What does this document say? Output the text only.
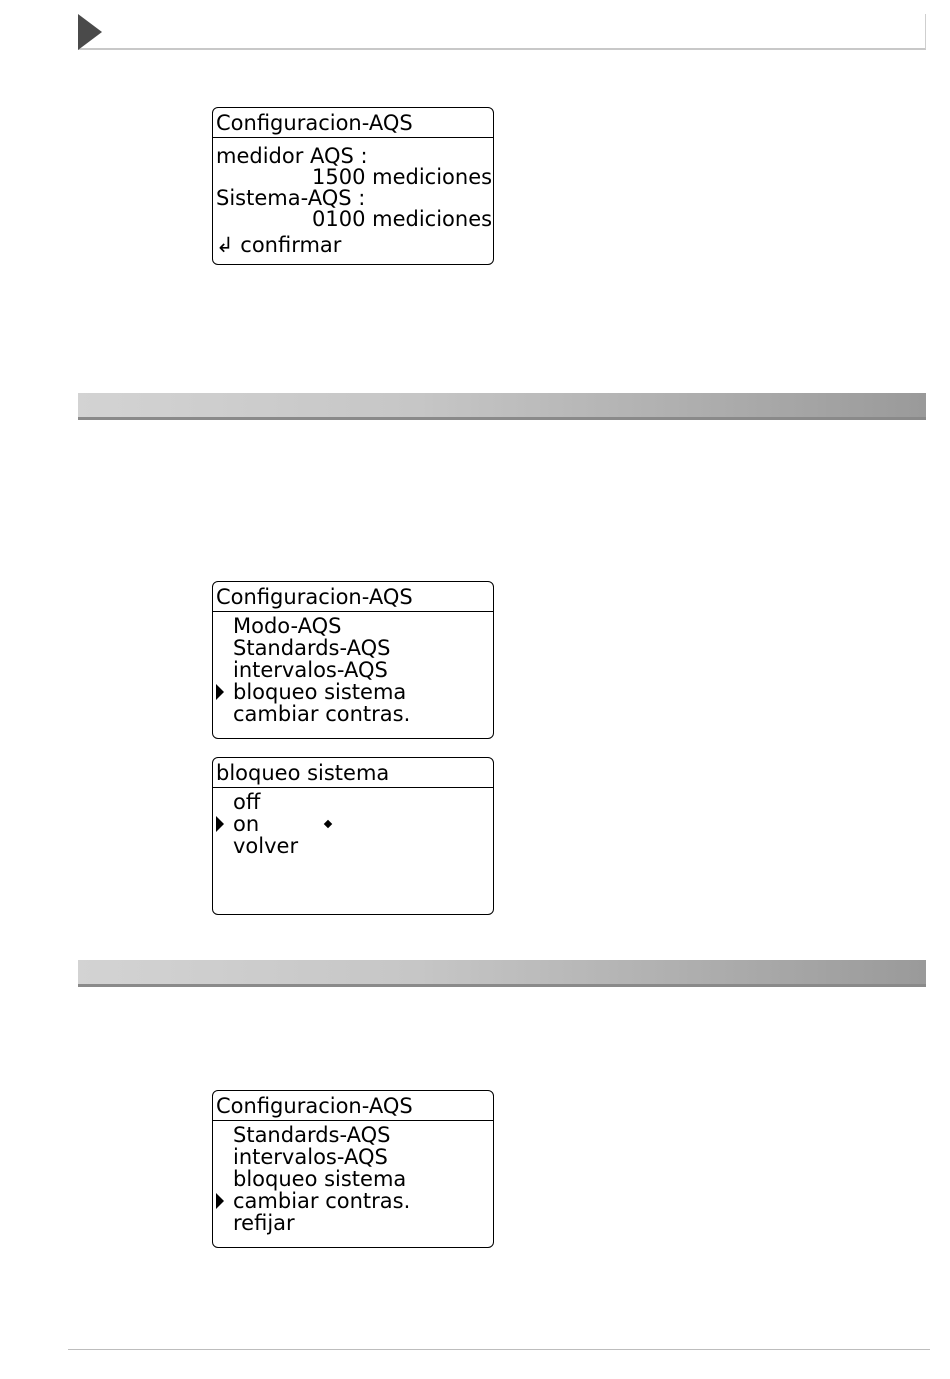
Configuracion-AQS
medidor AQS :
1500 mediciones
Sistema-AQS :
0100 mediciones
↲ confirmar
Configuracion-AQS
Modo-AQS
Standards-AQS
intervalos-AQS
bloqueo sistema
cambiar contras.
bloqueo sistema
off
on
volver
Configuracion-AQS
Standards-AQS
intervalos-AQS
bloqueo sistema
cambiar contras.
refijar
